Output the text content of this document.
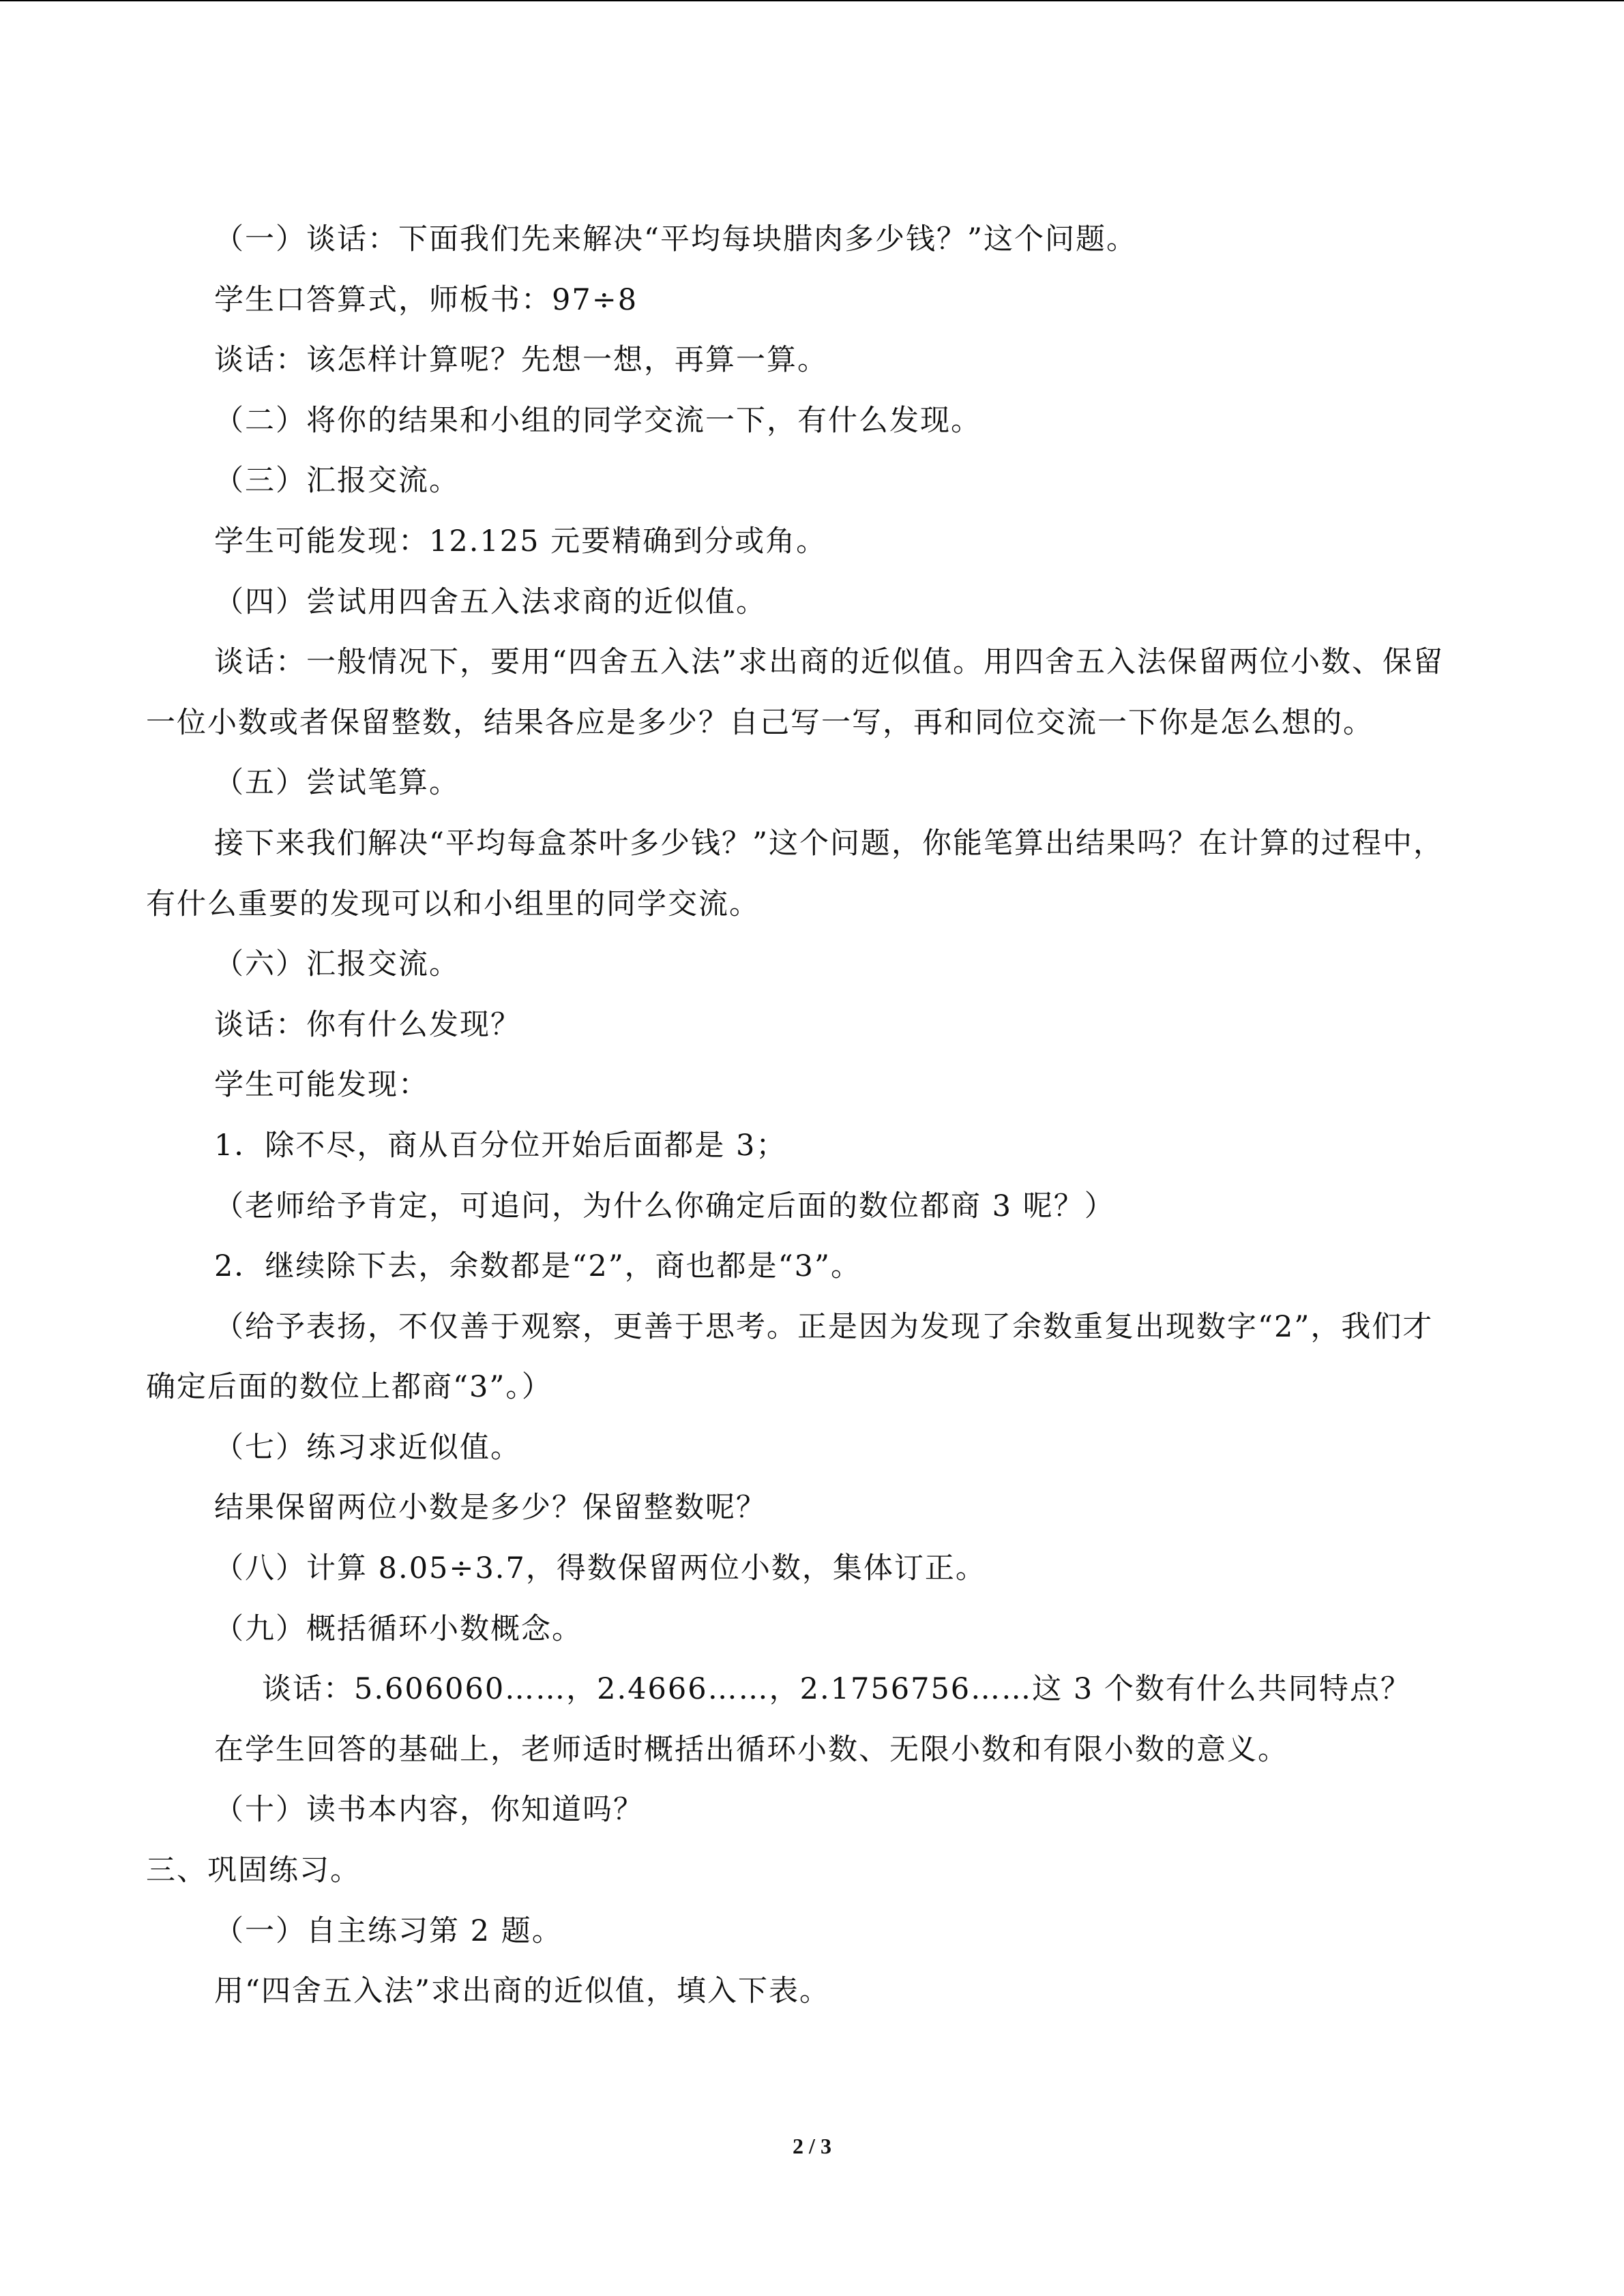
（一）谈话：下面我们先来解决“平均每块腊肉多少钱？”这个问题。

学生口答算式，师板书：97÷8

谈话：该怎样计算呢？先想一想，再算一算。

（二）将你的结果和小组的同学交流一下，有什么发现。

（三）汇报交流。

学生可能发现：12.125 元要精确到分或角。

（四）尝试用四舍五入法求商的近似值。

谈话：一般情况下，要用“四舍五入法”求出商的近似值。用四舍五入法保留两位小数、保留一位小数或者保留整数，结果各应是多少？自己写一写，再和同位交流一下你是怎么想的。

（五）尝试笔算。

接下来我们解决“平均每盒茶叶多少钱？”这个问题，你能笔算出结果吗？在计算的过程中，有什么重要的发现可以和小组里的同学交流。

（六）汇报交流。

谈话：你有什么发现？

学生可能发现：

1．除不尽，商从百分位开始后面都是 3；

（老师给予肯定，可追问，为什么你确定后面的数位都商 3 呢？）

2．继续除下去，余数都是“2”，商也都是“3”。

（给予表扬，不仅善于观察，更善于思考。正是因为发现了余数重复出现数字“2”，我们才确定后面的数位上都商“3”。）

（七）练习求近似值。

结果保留两位小数是多少？保留整数呢？

（八）计算 8.05÷3.7，得数保留两位小数，集体订正。

（九）概括循环小数概念。

谈话：5.606060……，2.4666……，2.1756756……这 3 个数有什么共同特点？

在学生回答的基础上，老师适时概括出循环小数、无限小数和有限小数的意义。

（十）读书本内容，你知道吗？

三、巩固练习。

（一）自主练习第 2 题。

用“四舍五入法”求出商的近似值，填入下表。

2 / 3
